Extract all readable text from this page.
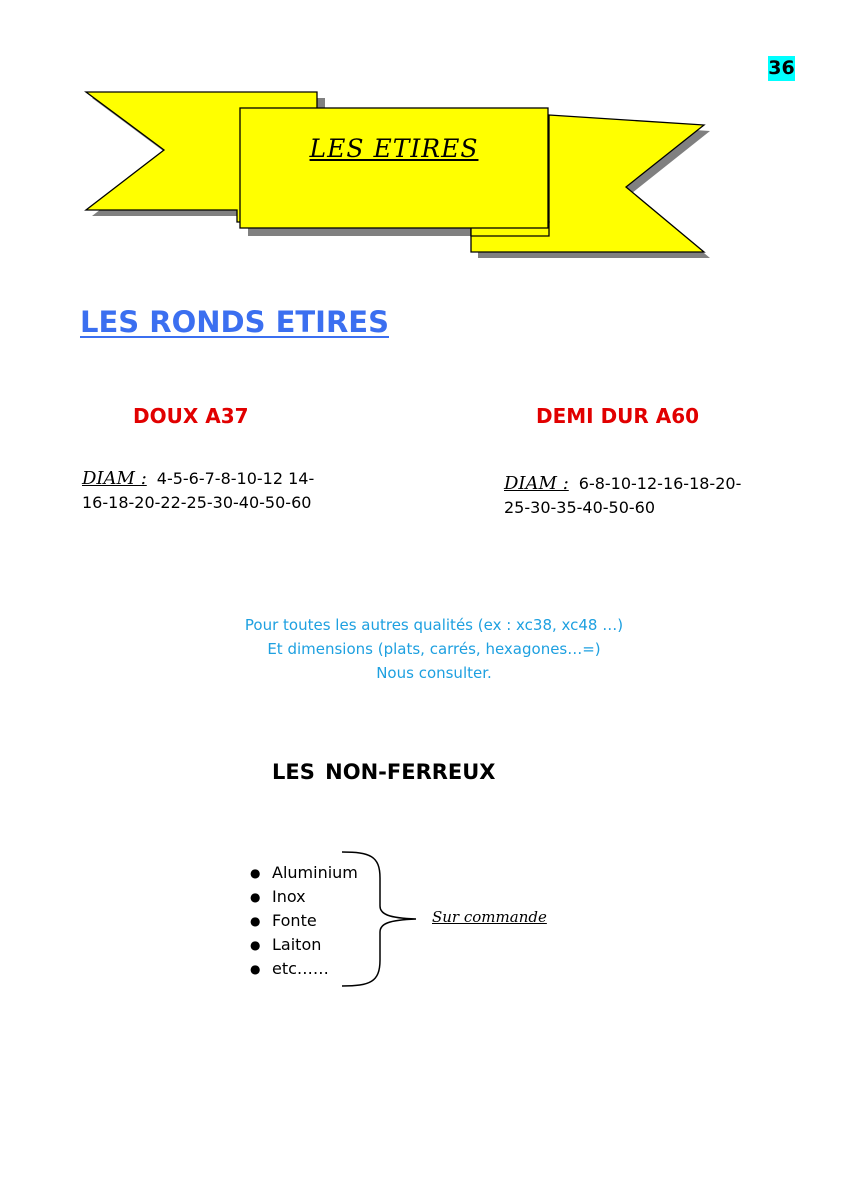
36
LES ETIRES
LES RONDS ETIRES
DOUX A37	DEMI DUR A60
DIAM : 4-5-6-7-8-10-12 14-16-18-20-22-25-30-40-50-60
DIAM : 6-8-10-12-16-18-20-25-30-35-40-50-60
Pour toutes les autres qualités (ex : xc38, xc48 …)
Et dimensions (plats, carrés, hexagones…=)
Nous consulter.
LES NON-FERREUX
● Aluminium
● Inox
● Fonte
● Laiton
● etc……
Sur commande
